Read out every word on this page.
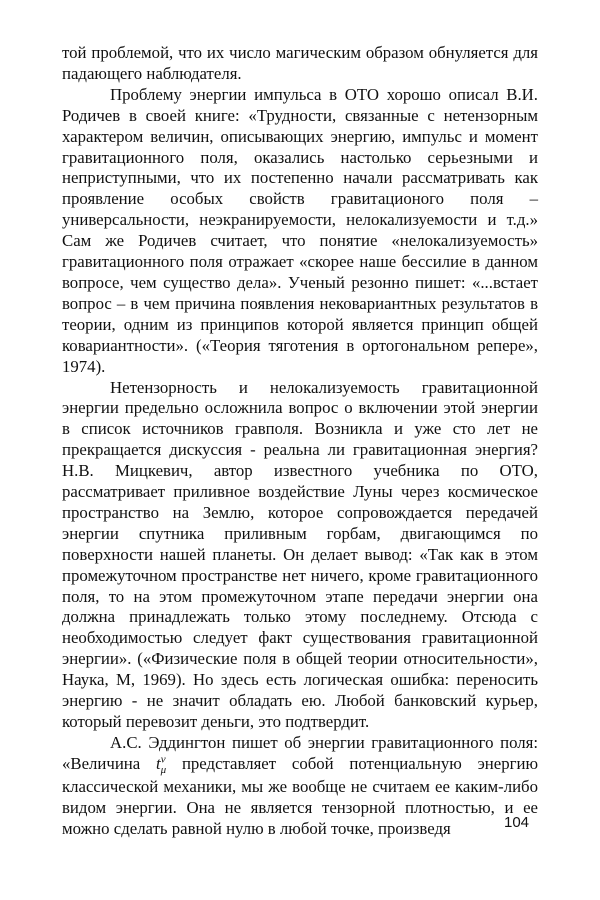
той проблемой, что их число магическим образом обнуляется для падающего наблюдателя.

Проблему энергии импульса в ОТО хорошо описал В.И. Родичев в своей книге: «Трудности, связанные с нетензорным характером величин, описывающих энергию, импульс и момент гравитационного поля, оказались настолько серьезными и неприступными, что их постепенно начали рассматривать как проявление особых свойств гравитационого поля – универсальности, неэкранируемости, нелокализуемости и т.д.» Сам же Родичев считает, что понятие «нелокализуемость» гравитационного поля отражает «скорее наше бессилие в данном вопросе, чем существо дела». Ученый резонно пишет: «...встает вопрос – в чем причина появления нековариантных результатов в теории, одним из принципов которой является принцип общей ковариантности». («Теория тяготения в ортогональном репере», 1974).

Нетензорность и нелокализуемость гравитационной энергии предельно осложнила вопрос о включении этой энергии в список источников гравполя. Возникла и уже сто лет не прекращается дискуссия - реальна ли гравитационная энергия? Н.В. Мицкевич, автор известного учебника по ОТО, рассматривает приливное воздействие Луны через космическое пространство на Землю, которое сопровождается передачей энергии спутника приливным горбам, двигающимся по поверхности нашей планеты. Он делает вывод: «Так как в этом промежуточном пространстве нет ничего, кроме гравитационного поля, то на этом промежуточном этапе передачи энергии она должна принадлежать только этому последнему. Отсюда с необходимостью следует факт существования гравитационной энергии». («Физические поля в общей теории относительности», Наука, М, 1969). Но здесь есть логическая ошибка: переносить энергию - не значит обладать ею. Любой банковский курьер, который перевозит деньги, это подтвердит.

А.С. Эддингтон пишет об энергии гравитационного поля: «Величина $t^\nu_\mu$ представляет собой потенциальную энергию классической механики, мы же вообще не считаем ее каким-либо видом энергии. Она не является тензорной плотностью, и ее можно сделать равной нулю в любой точке, произведя	104
